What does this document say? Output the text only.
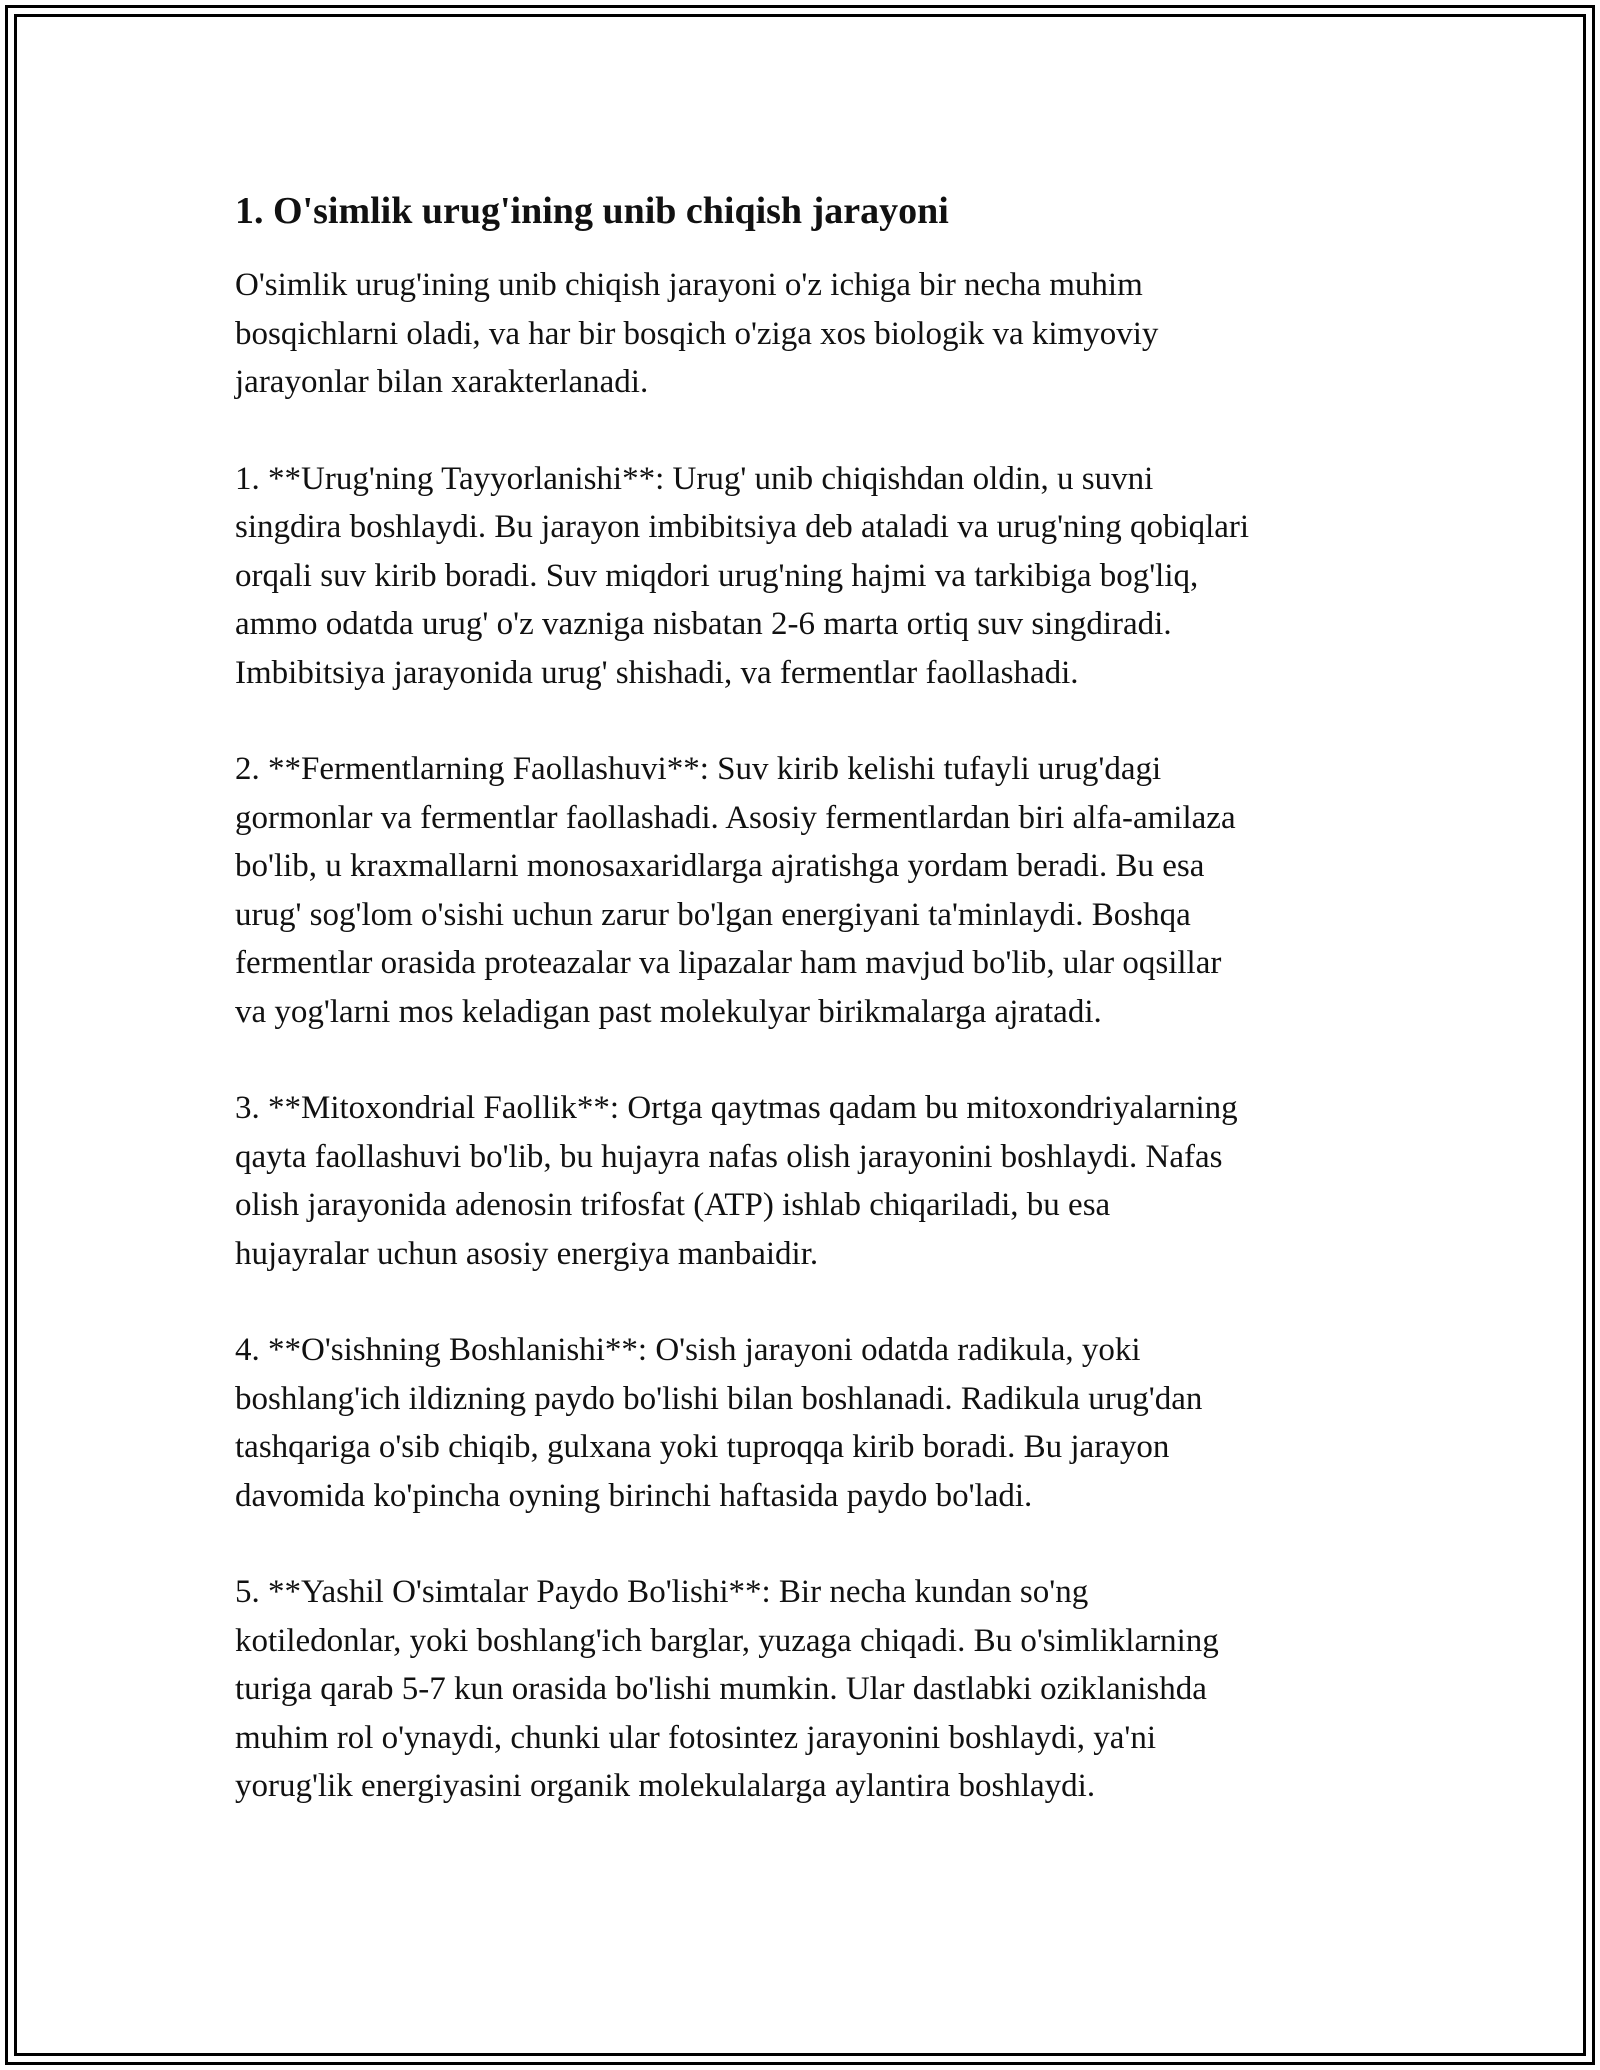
1. O'simlik urug'ining unib chiqish jarayoni

O'simlik urug'ining unib chiqish jarayoni o'z ichiga bir necha muhim
bosqichlarni oladi, va har bir bosqich o'ziga xos biologik va kimyoviy
jarayonlar bilan xarakterlanadi.

1. **Urug'ning Tayyorlanishi**: Urug' unib chiqishdan oldin, u suvni
singdira boshlaydi. Bu jarayon imbibitsiya deb ataladi va urug'ning qobiqlari
orqali suv kirib boradi. Suv miqdori urug'ning hajmi va tarkibiga bog'liq,
ammo odatda urug' o'z vazniga nisbatan 2-6 marta ortiq suv singdiradi.
Imbibitsiya jarayonida urug' shishadi, va fermentlar faollashadi.

2. **Fermentlarning Faollashuvi**: Suv kirib kelishi tufayli urug'dagi
gormonlar va fermentlar faollashadi. Asosiy fermentlardan biri alfa-amilaza
bo'lib, u kraxmallarni monosaxaridlarga ajratishga yordam beradi. Bu esa
urug' sog'lom o'sishi uchun zarur bo'lgan energiyani ta'minlaydi. Boshqa
fermentlar orasida proteazalar va lipazalar ham mavjud bo'lib, ular oqsillar
va yog'larni mos keladigan past molekulyar birikmalarga ajratadi.

3. **Mitoxondrial Faollik**: Ortga qaytmas qadam bu mitoxondriyalarning
qayta faollashuvi bo'lib, bu hujayra nafas olish jarayonini boshlaydi. Nafas
olish jarayonida adenosin trifosfat (ATP) ishlab chiqariladi, bu esa
hujayralar uchun asosiy energiya manbaidir.

4. **O'sishning Boshlanishi**: O'sish jarayoni odatda radikula, yoki
boshlang'ich ildizning paydo bo'lishi bilan boshlanadi. Radikula urug'dan
tashqariga o'sib chiqib, gulxana yoki tuproqqa kirib boradi. Bu jarayon
davomida ko'pincha oyning birinchi haftasida paydo bo'ladi.

5. **Yashil O'simtalar Paydo Bo'lishi**: Bir necha kundan so'ng
kotiledonlar, yoki boshlang'ich barglar, yuzaga chiqadi. Bu o'simliklarning
turiga qarab 5-7 kun orasida bo'lishi mumkin. Ular dastlabki oziklanishda
muhim rol o'ynaydi, chunki ular fotosintez jarayonini boshlaydi, ya'ni
yorug'lik energiyasini organik molekulalarga aylantira boshlaydi.
